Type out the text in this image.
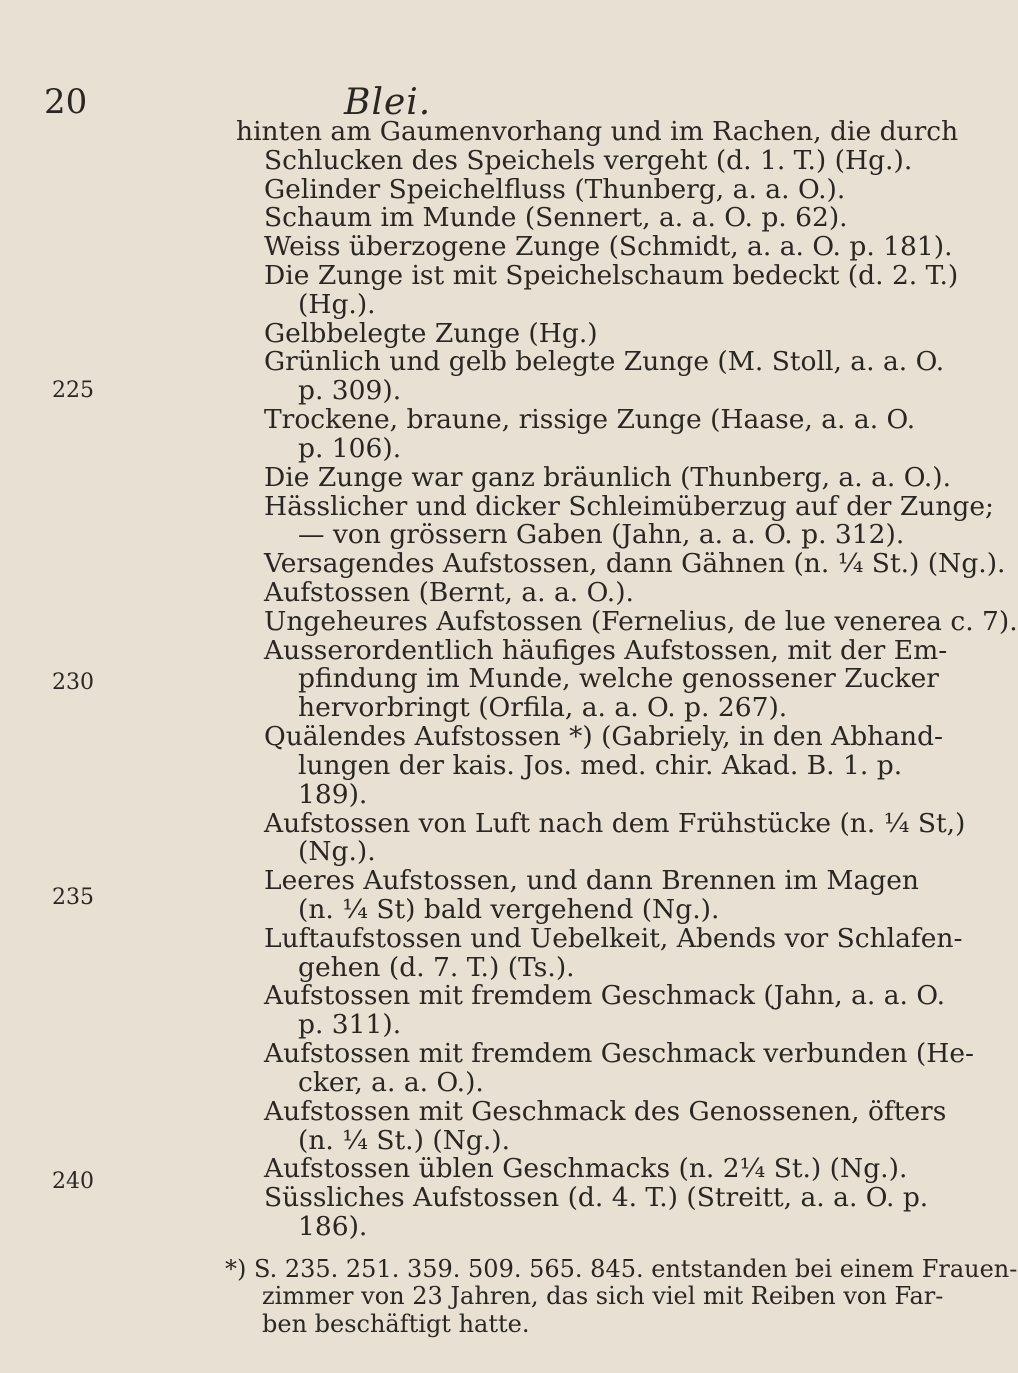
20	Blei.
225
230
235
240
hinten am Gaumenvorhang und im Rachen, die durch
Schlucken des Speichels vergeht (d. 1. T.) (Hg.).
Gelinder Speichelfluss (Thunberg, a. a. O.).
Schaum im Munde (Sennert, a. a. O. p. 62).
Weiss überzogene Zunge (Schmidt, a. a. O. p. 181).
Die Zunge ist mit Speichelschaum bedeckt (d. 2. T.)
(Hg.).
Gelbbelegte Zunge (Hg.)
Grünlich und gelb belegte Zunge (M. Stoll, a. a. O.
p. 309).
Trockene, braune, rissige Zunge (Haase, a. a. O.
p. 106).
Die Zunge war ganz bräunlich (Thunberg, a. a. O.).
Hässlicher und dicker Schleimüberzug auf der Zunge;
— von grössern Gaben (Jahn, a. a. O. p. 312).
Versagendes Aufstossen, dann Gähnen (n. ¼ St.) (Ng.).
Aufstossen (Bernt, a. a. O.).
Ungeheures Aufstossen (Fernelius, de lue venerea c. 7).
Ausserordentlich häufiges Aufstossen, mit der Em-
pfindung im Munde, welche genossener Zucker
hervorbringt (Orfila, a. a. O. p. 267).
Quälendes Aufstossen *) (Gabriely, in den Abhand-
lungen der kais. Jos. med. chir. Akad. B. 1. p.
189).
Aufstossen von Luft nach dem Frühstücke (n. ¼ St,)
(Ng.).
Leeres Aufstossen, und dann Brennen im Magen
(n. ¼ St) bald vergehend (Ng.).
Luftaufstossen und Uebelkeit, Abends vor Schlafen-
gehen (d. 7. T.) (Ts.).
Aufstossen mit fremdem Geschmack (Jahn, a. a. O.
p. 311).
Aufstossen mit fremdem Geschmack verbunden (He-
cker, a. a. O.).
Aufstossen mit Geschmack des Genossenen, öfters
(n. ¼ St.) (Ng.).
Aufstossen üblen Geschmacks (n. 2¼ St.) (Ng.).
Süssliches Aufstossen (d. 4. T.) (Streitt, a. a. O. p.
186).
*) S. 235. 251. 359. 509. 565. 845. entstanden bei einem Frauen-
zimmer von 23 Jahren, das sich viel mit Reiben von Far-
ben beschäftigt hatte.
